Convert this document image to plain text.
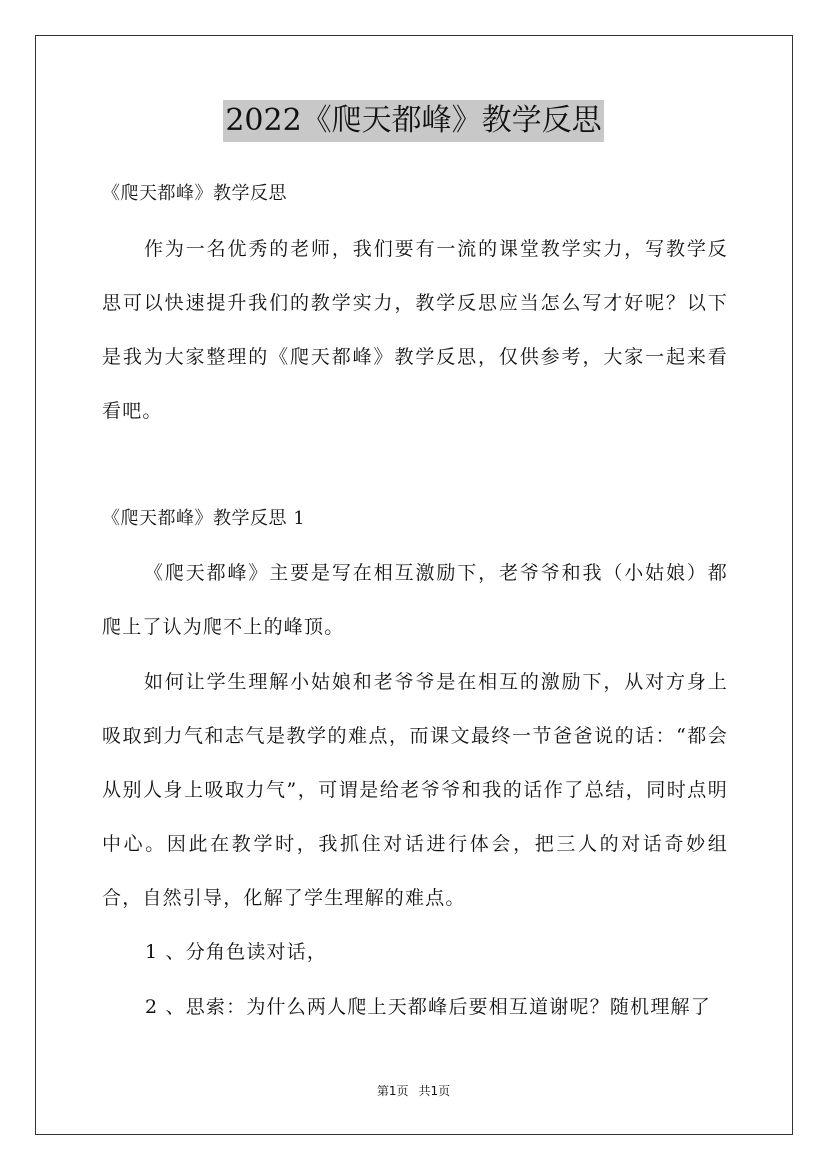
2022《爬天都峰》教学反思
《爬天都峰》教学反思
作为一名优秀的老师，我们要有一流的课堂教学实力，写教学反思可以快速提升我们的教学实力，教学反思应当怎么写才好呢？以下是我为大家整理的《爬天都峰》教学反思，仅供参考，大家一起来看看吧。
《爬天都峰》教学反思 1
《爬天都峰》主要是写在相互激励下，老爷爷和我（小姑娘）都爬上了认为爬不上的峰顶。
如何让学生理解小姑娘和老爷爷是在相互的激励下，从对方身上吸取到力气和志气是教学的难点，而课文最终一节爸爸说的话：“都会从别人身上吸取力气”，可谓是给老爷爷和我的话作了总结，同时点明中心。因此在教学时，我抓住对话进行体会，把三人的对话奇妙组合，自然引导，化解了学生理解的难点。
1 、分角色读对话，
2 、思索：为什么两人爬上天都峰后要相互道谢呢？随机理解了
第1页 共1页
